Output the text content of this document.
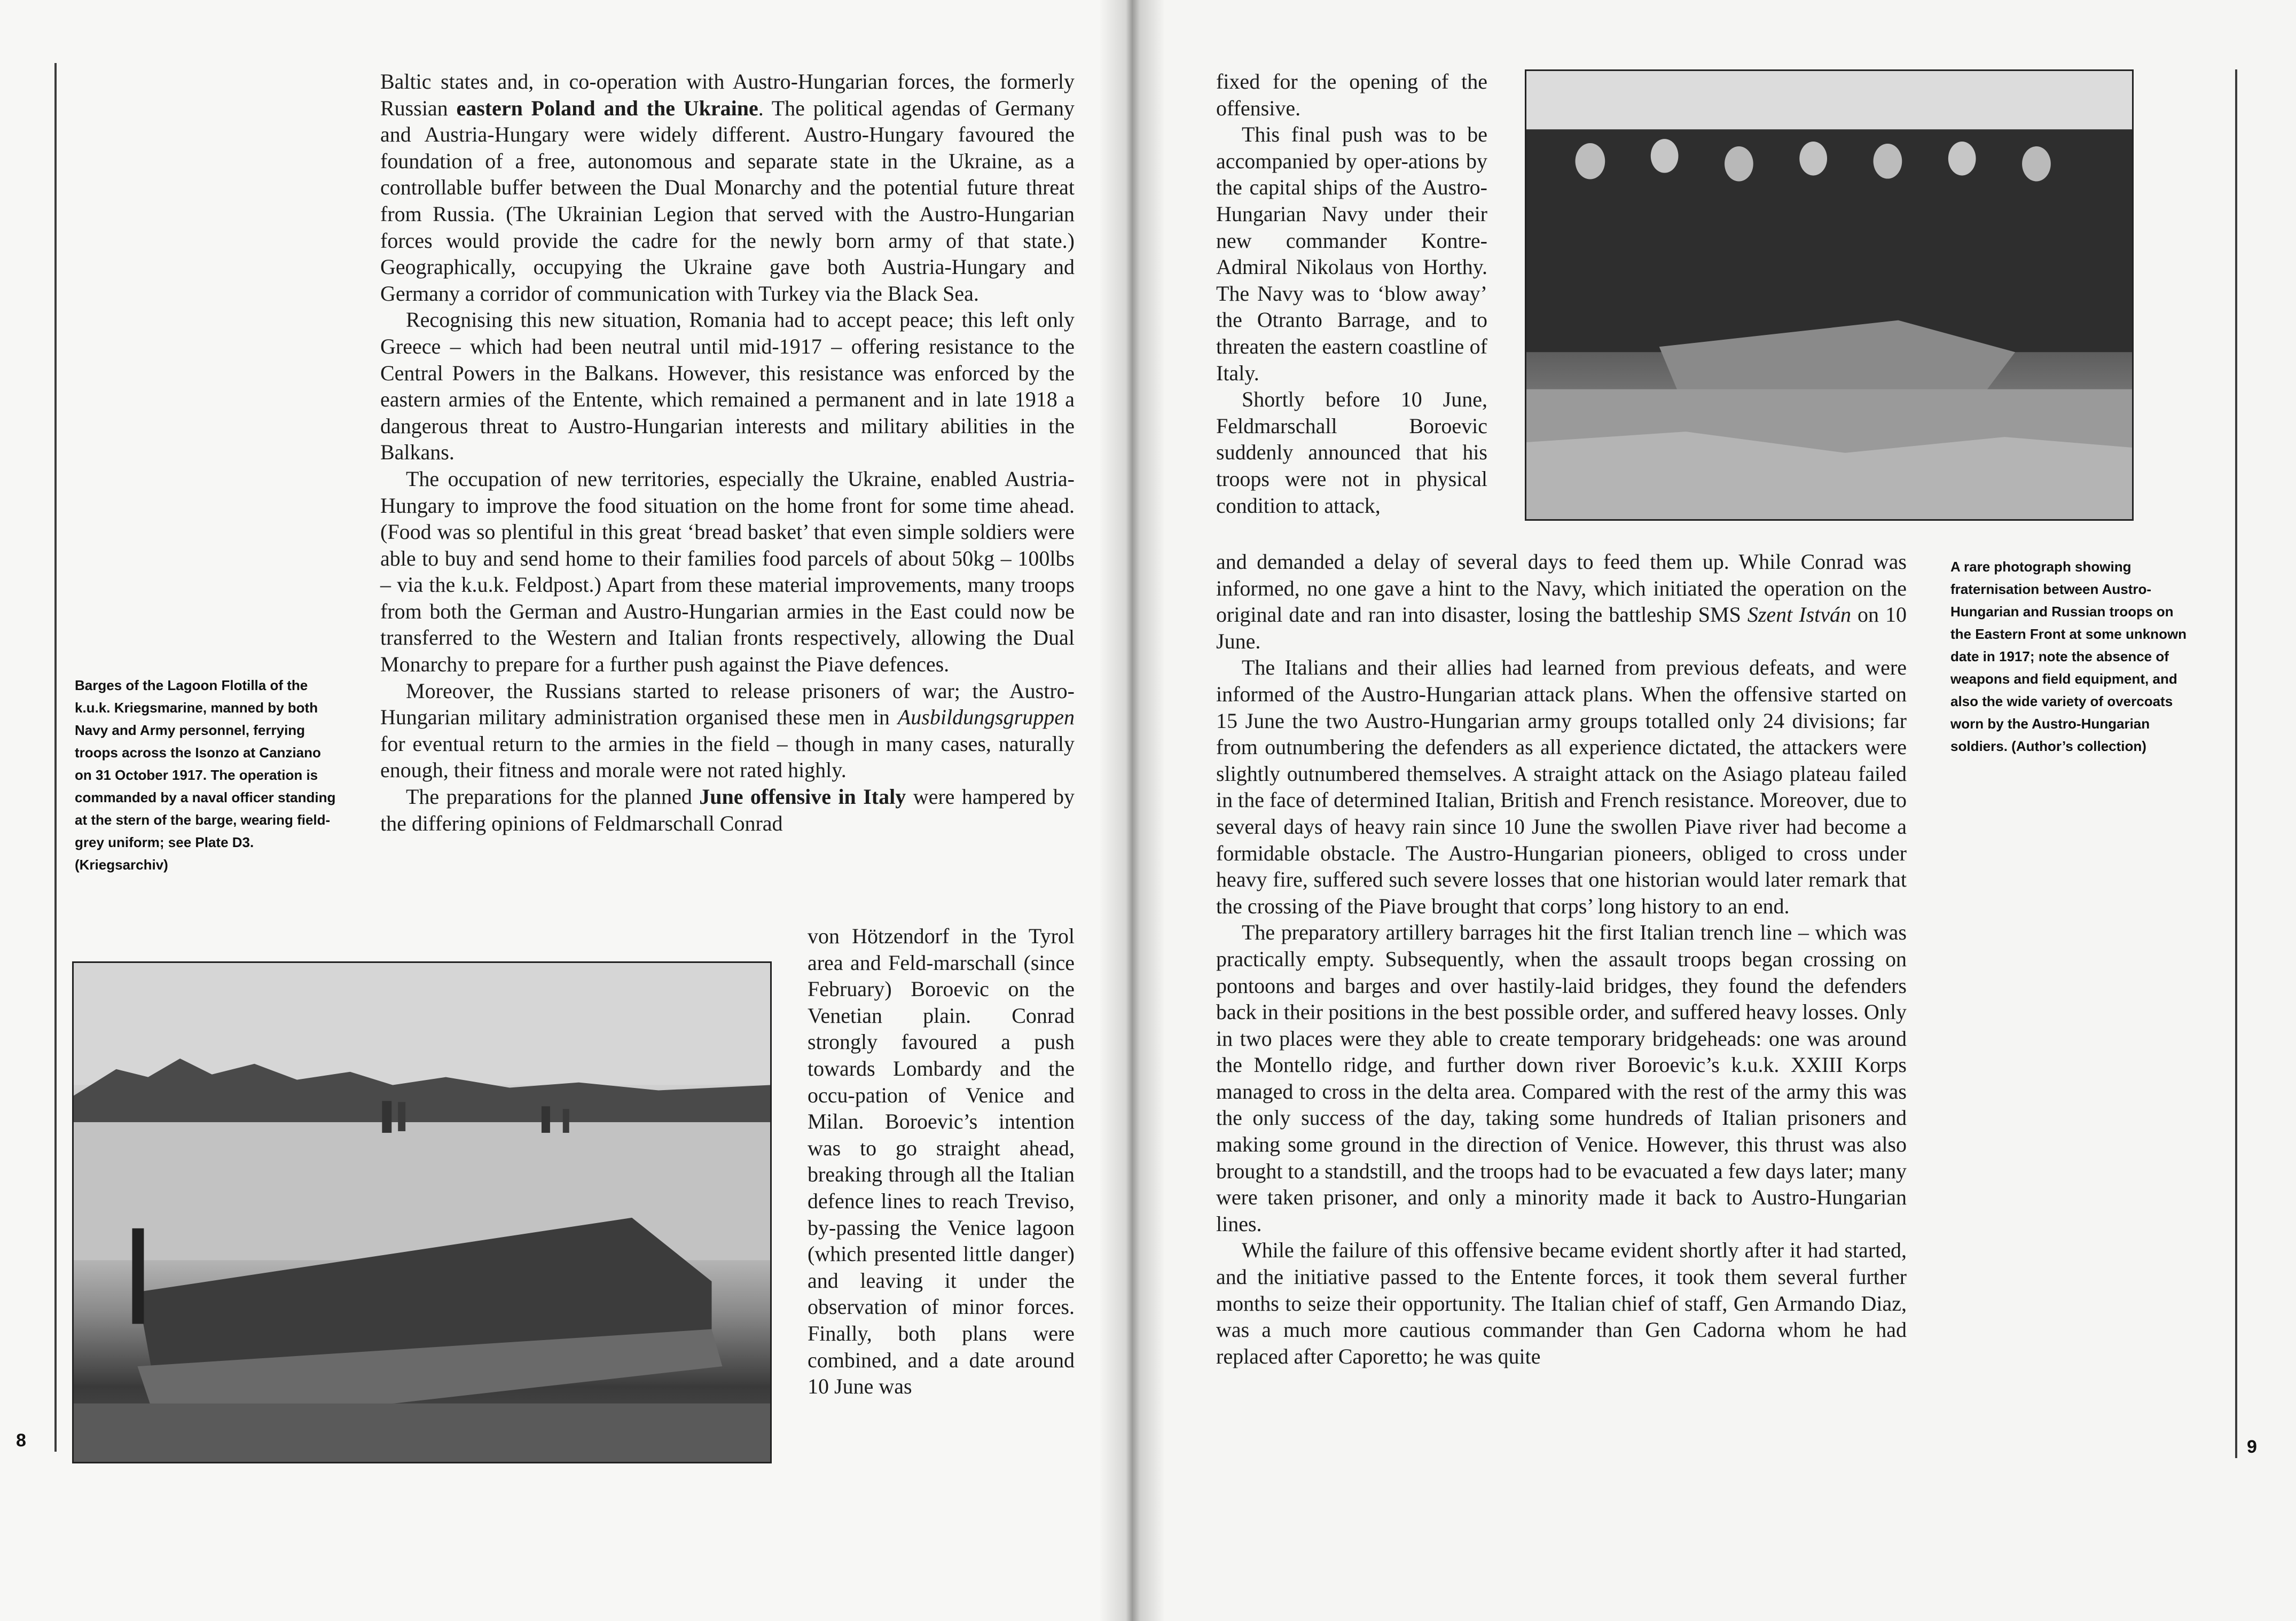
8
Barges of the Lagoon Flotilla of the k.u.k. Kriegsmarine, manned by both Navy and Army personnel, ferrying troops across the Isonzo at Canziano on 31 October 1917. The operation is commanded by a naval officer standing at the stern of the barge, wearing field-grey uniform; see Plate D3. (Kriegsarchiv)

Baltic states and, in co-operation with Austro-Hungarian forces, the formerly Russian eastern Poland and the Ukraine. The political agendas of Germany and Austria-Hungary were widely different. Austro-Hungary favoured the foundation of a free, autonomous and separate state in the Ukraine, as a controllable buffer between the Dual Monarchy and the potential future threat from Russia. (The Ukrainian Legion that served with the Austro-Hungarian forces would provide the cadre for the newly born army of that state.) Geographically, occupying the Ukraine gave both Austria-Hungary and Germany a corridor of communication with Turkey via the Black Sea.

Recognising this new situation, Romania had to accept peace; this left only Greece – which had been neutral until mid-1917 – offering resistance to the Central Powers in the Balkans. However, this resistance was enforced by the eastern armies of the Entente, which remained a permanent and in late 1918 a dangerous threat to Austro-Hungarian interests and military abilities in the Balkans.

The occupation of new territories, especially the Ukraine, enabled Austria-Hungary to improve the food situation on the home front for some time ahead. (Food was so plentiful in this great ‘bread basket’ that even simple soldiers were able to buy and send home to their families food parcels of about 50kg – 100lbs – via the k.u.k. Feldpost.) Apart from these material improvements, many troops from both the German and Austro-Hungarian armies in the East could now be transferred to the Western and Italian fronts respectively, allowing the Dual Monarchy to prepare for a further push against the Piave defences.

Moreover, the Russians started to release prisoners of war; the Austro-Hungarian military administration organised these men in Ausbildungsgruppen for eventual return to the armies in the field – though in many cases, naturally enough, their fitness and morale were not rated highly.

The preparations for the planned June offensive in Italy were hampered by the differing opinions of Feldmarschall Conrad

von Hötzendorf in the Tyrol area and Feld-marschall (since February) Boroevic on the Venetian plain. Conrad strongly favoured a push towards Lombardy and the occu-pation of Venice and Milan. Boroevic’s intention was to go straight ahead, breaking through all the Italian defence lines to reach Treviso, by-passing the Venice lagoon (which presented little danger) and leaving it under the observation of minor forces. Finally, both plans were combined, and a date around 10 June was

A rare photograph showing fraternisation between Austro-Hungarian and Russian troops on the Eastern Front at some unknown date in 1917; note the absence of weapons and field equipment, and also the wide variety of overcoats worn by the Austro-Hungarian soldiers. (Author’s collection)
9

fixed for the opening of the offensive.

This final push was to be accompanied by oper-ations by the capital ships of the Austro-Hungarian Navy under their new commander Kontre-Admiral Nikolaus von Horthy. The Navy was to ‘blow away’ the Otranto Barrage, and to threaten the eastern coastline of Italy.

Shortly before 10 June, Feldmarschall Boroevic suddenly announced that his troops were not in physical condition to attack,

and demanded a delay of several days to feed them up. While Conrad was informed, no one gave a hint to the Navy, which initiated the operation on the original date and ran into disaster, losing the battleship SMS Szent István on 10 June.

The Italians and their allies had learned from previous defeats, and were informed of the Austro-Hungarian attack plans. When the offensive started on 15 June the two Austro-Hungarian army groups totalled only 24 divisions; far from outnumbering the defenders as all experience dictated, the attackers were slightly outnumbered themselves. A straight attack on the Asiago plateau failed in the face of determined Italian, British and French resistance. Moreover, due to several days of heavy rain since 10 June the swollen Piave river had become a formidable obstacle. The Austro-Hungarian pioneers, obliged to cross under heavy fire, suffered such severe losses that one historian would later remark that the crossing of the Piave brought that corps’ long history to an end.

The preparatory artillery barrages hit the first Italian trench line – which was practically empty. Subsequently, when the assault troops began crossing on pontoons and barges and over hastily-laid bridges, they found the defenders back in their positions in the best possible order, and suffered heavy losses. Only in two places were they able to create temporary bridgeheads: one was around the Montello ridge, and further down river Boroevic’s k.u.k. XXIII Korps managed to cross in the delta area. Compared with the rest of the army this was the only success of the day, taking some hundreds of Italian prisoners and making some ground in the direction of Venice. However, this thrust was also brought to a standstill, and the troops had to be evacuated a few days later; many were taken prisoner, and only a minority made it back to Austro-Hungarian lines.

While the failure of this offensive became evident shortly after it had started, and the initiative passed to the Entente forces, it took them several further months to seize their opportunity. The Italian chief of staff, Gen Armando Diaz, was a much more cautious commander than Gen Cadorna whom he had replaced after Caporetto; he was quite
